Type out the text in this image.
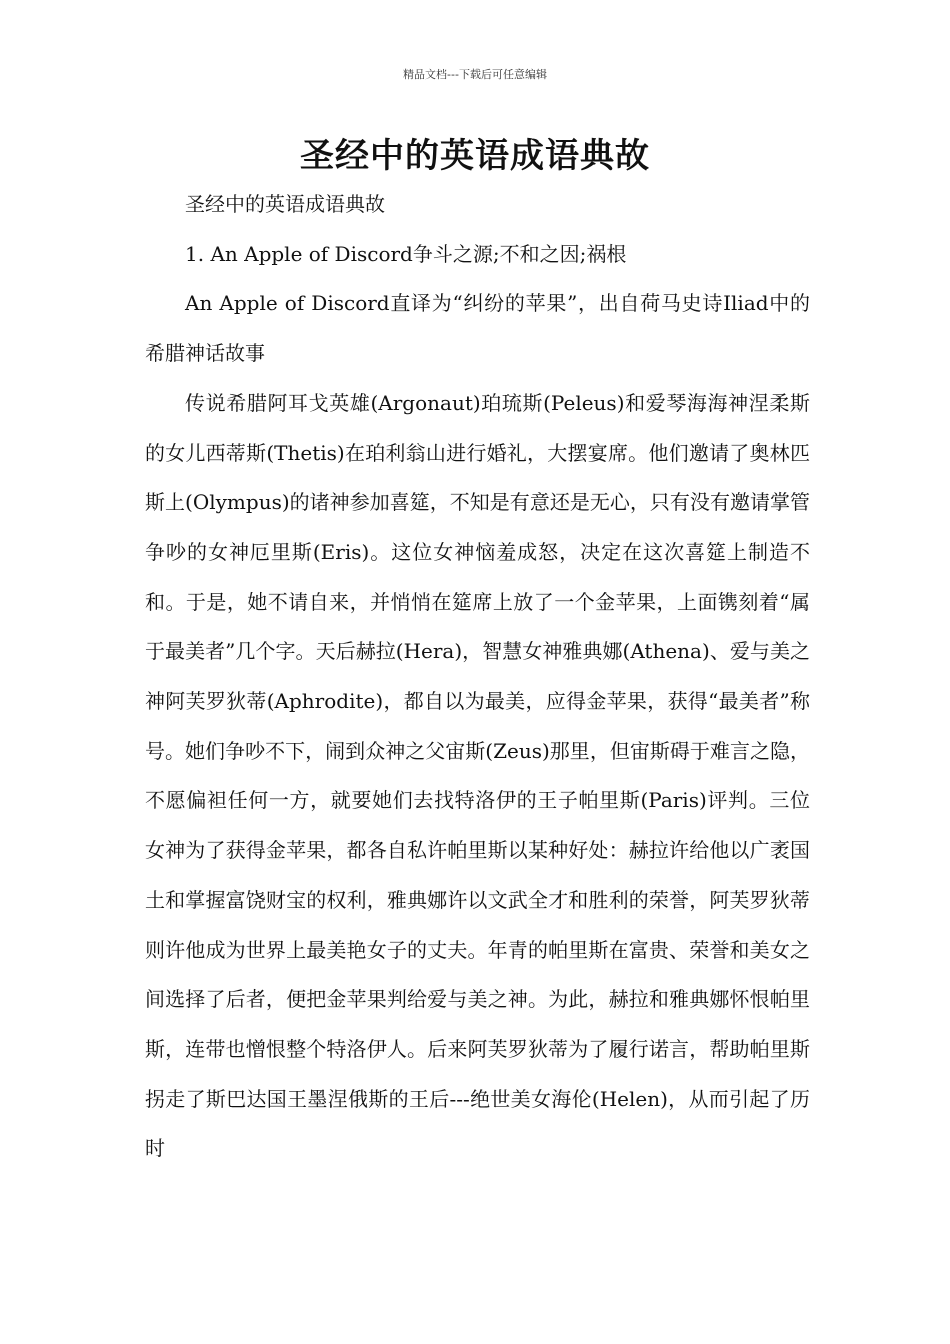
精品文档---下载后可任意编辑
圣经中的英语成语典故

圣经中的英语成语典故

1. An Apple of Discord争斗之源;不和之因;祸根

An Apple of Discord直译为“纠纷的苹果”，出自荷马史诗Iliad中的希腊神话故事

传说希腊阿耳戈英雄(Argonaut)珀琉斯(Peleus)和爱琴海海神涅柔斯的女儿西蒂斯(Thetis)在珀利翁山进行婚礼，大摆宴席。他们邀请了奥林匹斯上(Olympus)的诸神参加喜筵，不知是有意还是无心，只有没有邀请掌管争吵的女神厄里斯(Eris)。这位女神恼羞成怒，决定在这次喜筵上制造不和。于是，她不请自来，并悄悄在筵席上放了一个金苹果，上面镌刻着“属于最美者”几个字。天后赫拉(Hera)，智慧女神雅典娜(Athena)、爱与美之神阿芙罗狄蒂(Aphrodite)，都自以为最美，应得金苹果，获得“最美者”称号。她们争吵不下，闹到众神之父宙斯(Zeus)那里，但宙斯碍于难言之隐，不愿偏袒任何一方，就要她们去找特洛伊的王子帕里斯(Paris)评判。三位女神为了获得金苹果，都各自私许帕里斯以某种好处：赫拉许给他以广袤国土和掌握富饶财宝的权利，雅典娜许以文武全才和胜利的荣誉，阿芙罗狄蒂则许他成为世界上最美艳女子的丈夫。年青的帕里斯在富贵、荣誉和美女之间选择了后者，便把金苹果判给爱与美之神。为此，赫拉和雅典娜怀恨帕里斯，连带也憎恨整个特洛伊人。后来阿芙罗狄蒂为了履行诺言，帮助帕里斯拐走了斯巴达国王墨涅俄斯的王后---绝世美女海伦(Helen)，从而引起了历时
